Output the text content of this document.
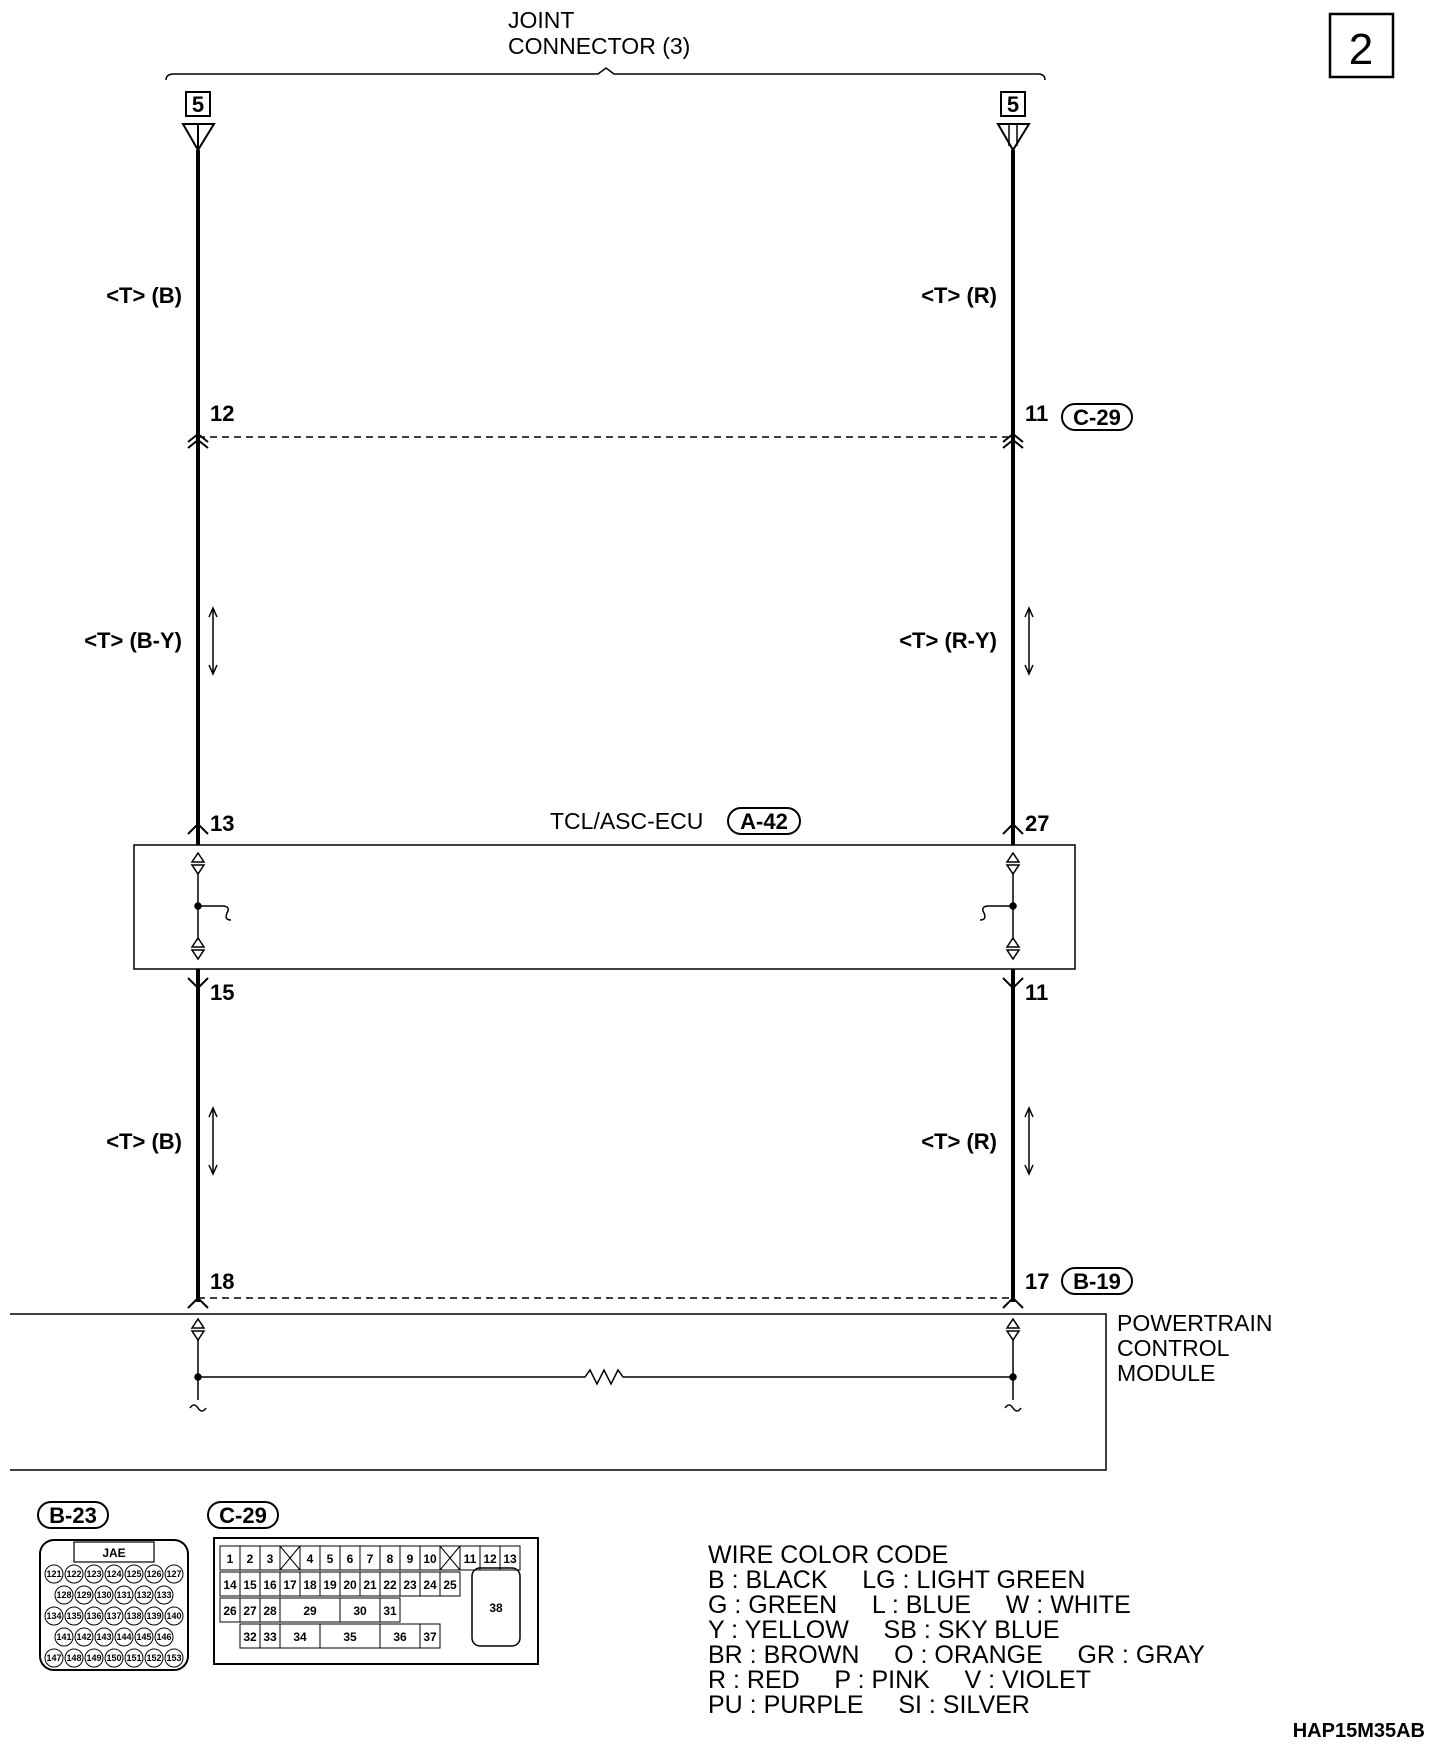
2
JOINT
CONNECTOR (3)
5	5
<T> (B)	<T> (R)
12	11 C-29
<T> (B-Y)	<T> (R-Y)
13	27
TCL/ASC-ECU A-42
15	11
<T> (B)	<T> (R)
18	17 B-19
POWERTRAIN
CONTROL
MODULE
B-23
JAE
121 122 123 124 125 126 127
128 129 130 131 132 133
134 135 136 137 138 139 140
141 142 143 144 145 146
147 148 149 150 151 152 153
C-29
1 2 3	4 5 6 7 8 9 10 11 12 13
14 15 16 17 18 19 20 21 22 23 24 25
26 27 28 29	30 31
32 33 34	35	36 37
38
WIRE COLOR CODE
B : BLACK     LG : LIGHT GREEN
G : GREEN     L : BLUE     W : WHITE
Y : YELLOW     SB : SKY BLUE
BR : BROWN     O : ORANGE     GR : GRAY
R : RED     P : PINK     V : VIOLET
PU : PURPLE     SI : SILVER
HAP15M35AB
